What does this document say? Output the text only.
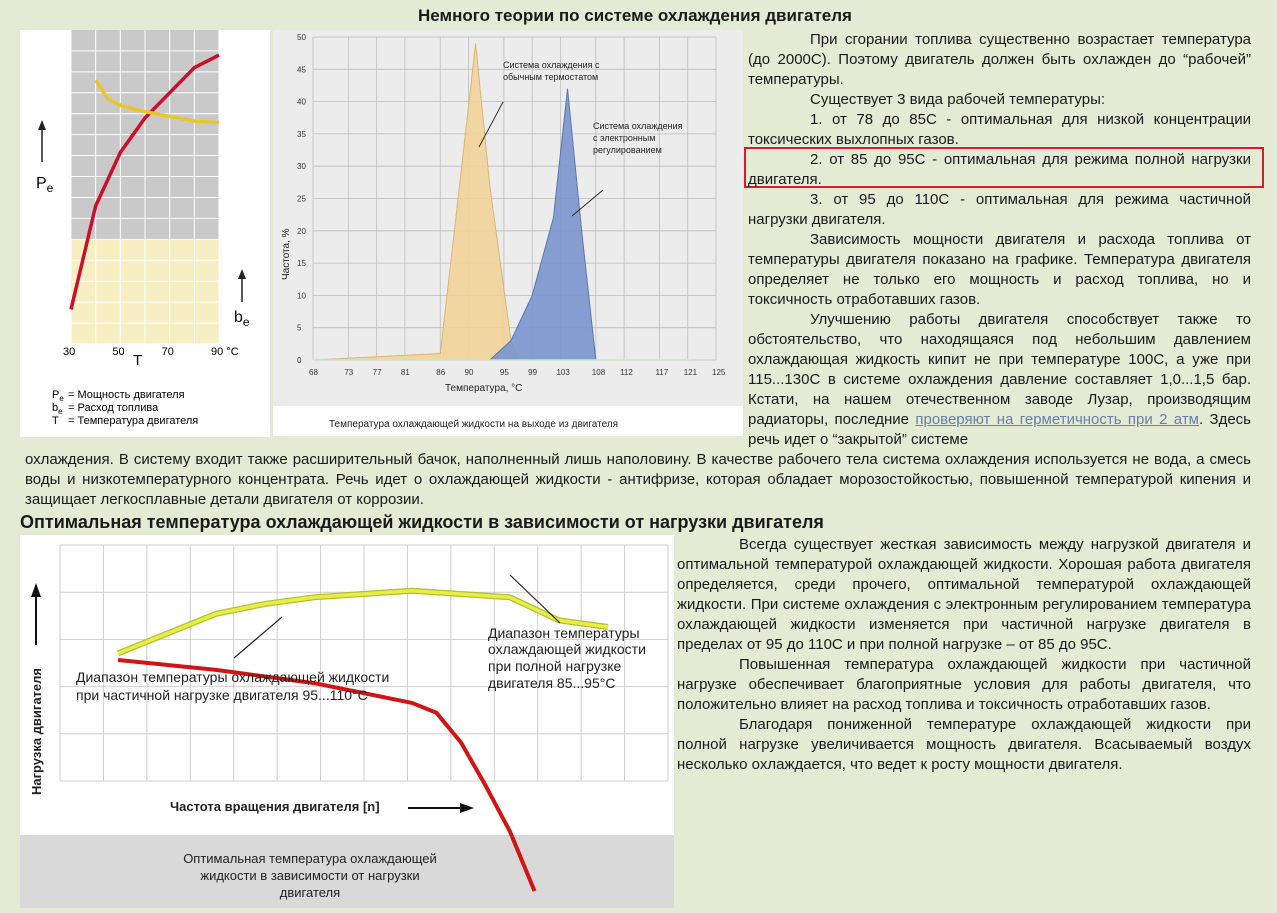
Немного теории по системе охлаждения двигателя
30	50	70	90 °C
T
$P_e$
$b_e$
$P_e$ = Мощность двигателя
$b_e$ = Расход топлива
T = Температура двигателя
0
5
10
15
20
25
30
35
40
45
50
68	73 77 81	86 90	95 99 103	108 112	117 121 125
Частота, %
Температура, °C
Система охлаждения с
обычным термостатом
Система охлаждения
с электронным
регулированием
Температура охлаждающей жидкости на выходе из двигателя

При сгорании топлива существенно возрастает температура (до 2000С). Поэтому двигатель должен быть охлажден до “рабочей” температуры.

Существует 3 вида рабочей температуры:

1. от 78 до 85С - оптимальная для низкой концентрации токсических выхлопных газов.

2. от 85 до 95С - оптимальная для режима полной нагрузки двигателя.

3. от 95 до 110С - оптимальная для режима частичной нагрузки двигателя.

Зависимость мощности двигателя и расхода топлива от температуры двигателя показано на графике. Температура двигателя определяет не только его мощность и расход топлива, но и токсичность отработавших газов.

Улучшению работы двигателя способствует также то обстоятельство, что находящаяся под небольшим давлением охлаждающая жидкость кипит не при температуре 100С, а уже при 115...130С в системе охлаждения давление составляет 1,0...1,5 бар. Кстати, на нашем отечественном заводе Лузар, производящим радиаторы, последние проверяют на герметичность при 2 атм. Здесь речь идет о “закрытой” системе

охлаждения. В систему входит также расширительный бачок, наполненный лишь наполовину. В качестве рабочего тела система охлаждения используется не вода, а смесь воды и низкотемпературного концентрата. Речь идет о охлаждающей жидкости - антифризе, которая обладает морозостойкостью, повышенной температурой кипения и защищает легкосплавные детали двигателя от коррозии.

Оптимальная температура охлаждающей жидкости в зависимости от нагрузки двигателя
Диапазон температуры охлаждающей жидкости
при частичной нагрузке двигателя 95...110°C
Диапазон температуры
охлаждающей жидкости
при полной нагрузке
двигателя 85...95°C
Нагрузка двигателя
Частота вращения двигателя [n]
Оптимальная температура охлаждающей
жидкости в зависимости от нагрузки
двигателя

Всегда существует жесткая зависимость между нагрузкой двигателя и оптимальной температурой охлаждающей жидкости. Хорошая работа двигателя определяется, среди прочего, оптимальной температурой охлаждающей жидкости. При системе охлаждения с электронным регулированием температура охлаждающей жидкости изменяется при частичной нагрузке двигателя в пределах от 95 до 110С и при полной нагрузке – от 85 до 95С.

Повышенная температура охлаждающей жидкости при частичной нагрузке обеспечивает благоприятные условия для работы двигателя, что положительно влияет на расход топлива и токсичность отработавших газов.

Благодаря пониженной температуре охлаждающей жидкости при полной нагрузке увеличивается мощность двигателя. Всасываемый воздух несколько охлаждается, что ведет к росту мощности двигателя.
